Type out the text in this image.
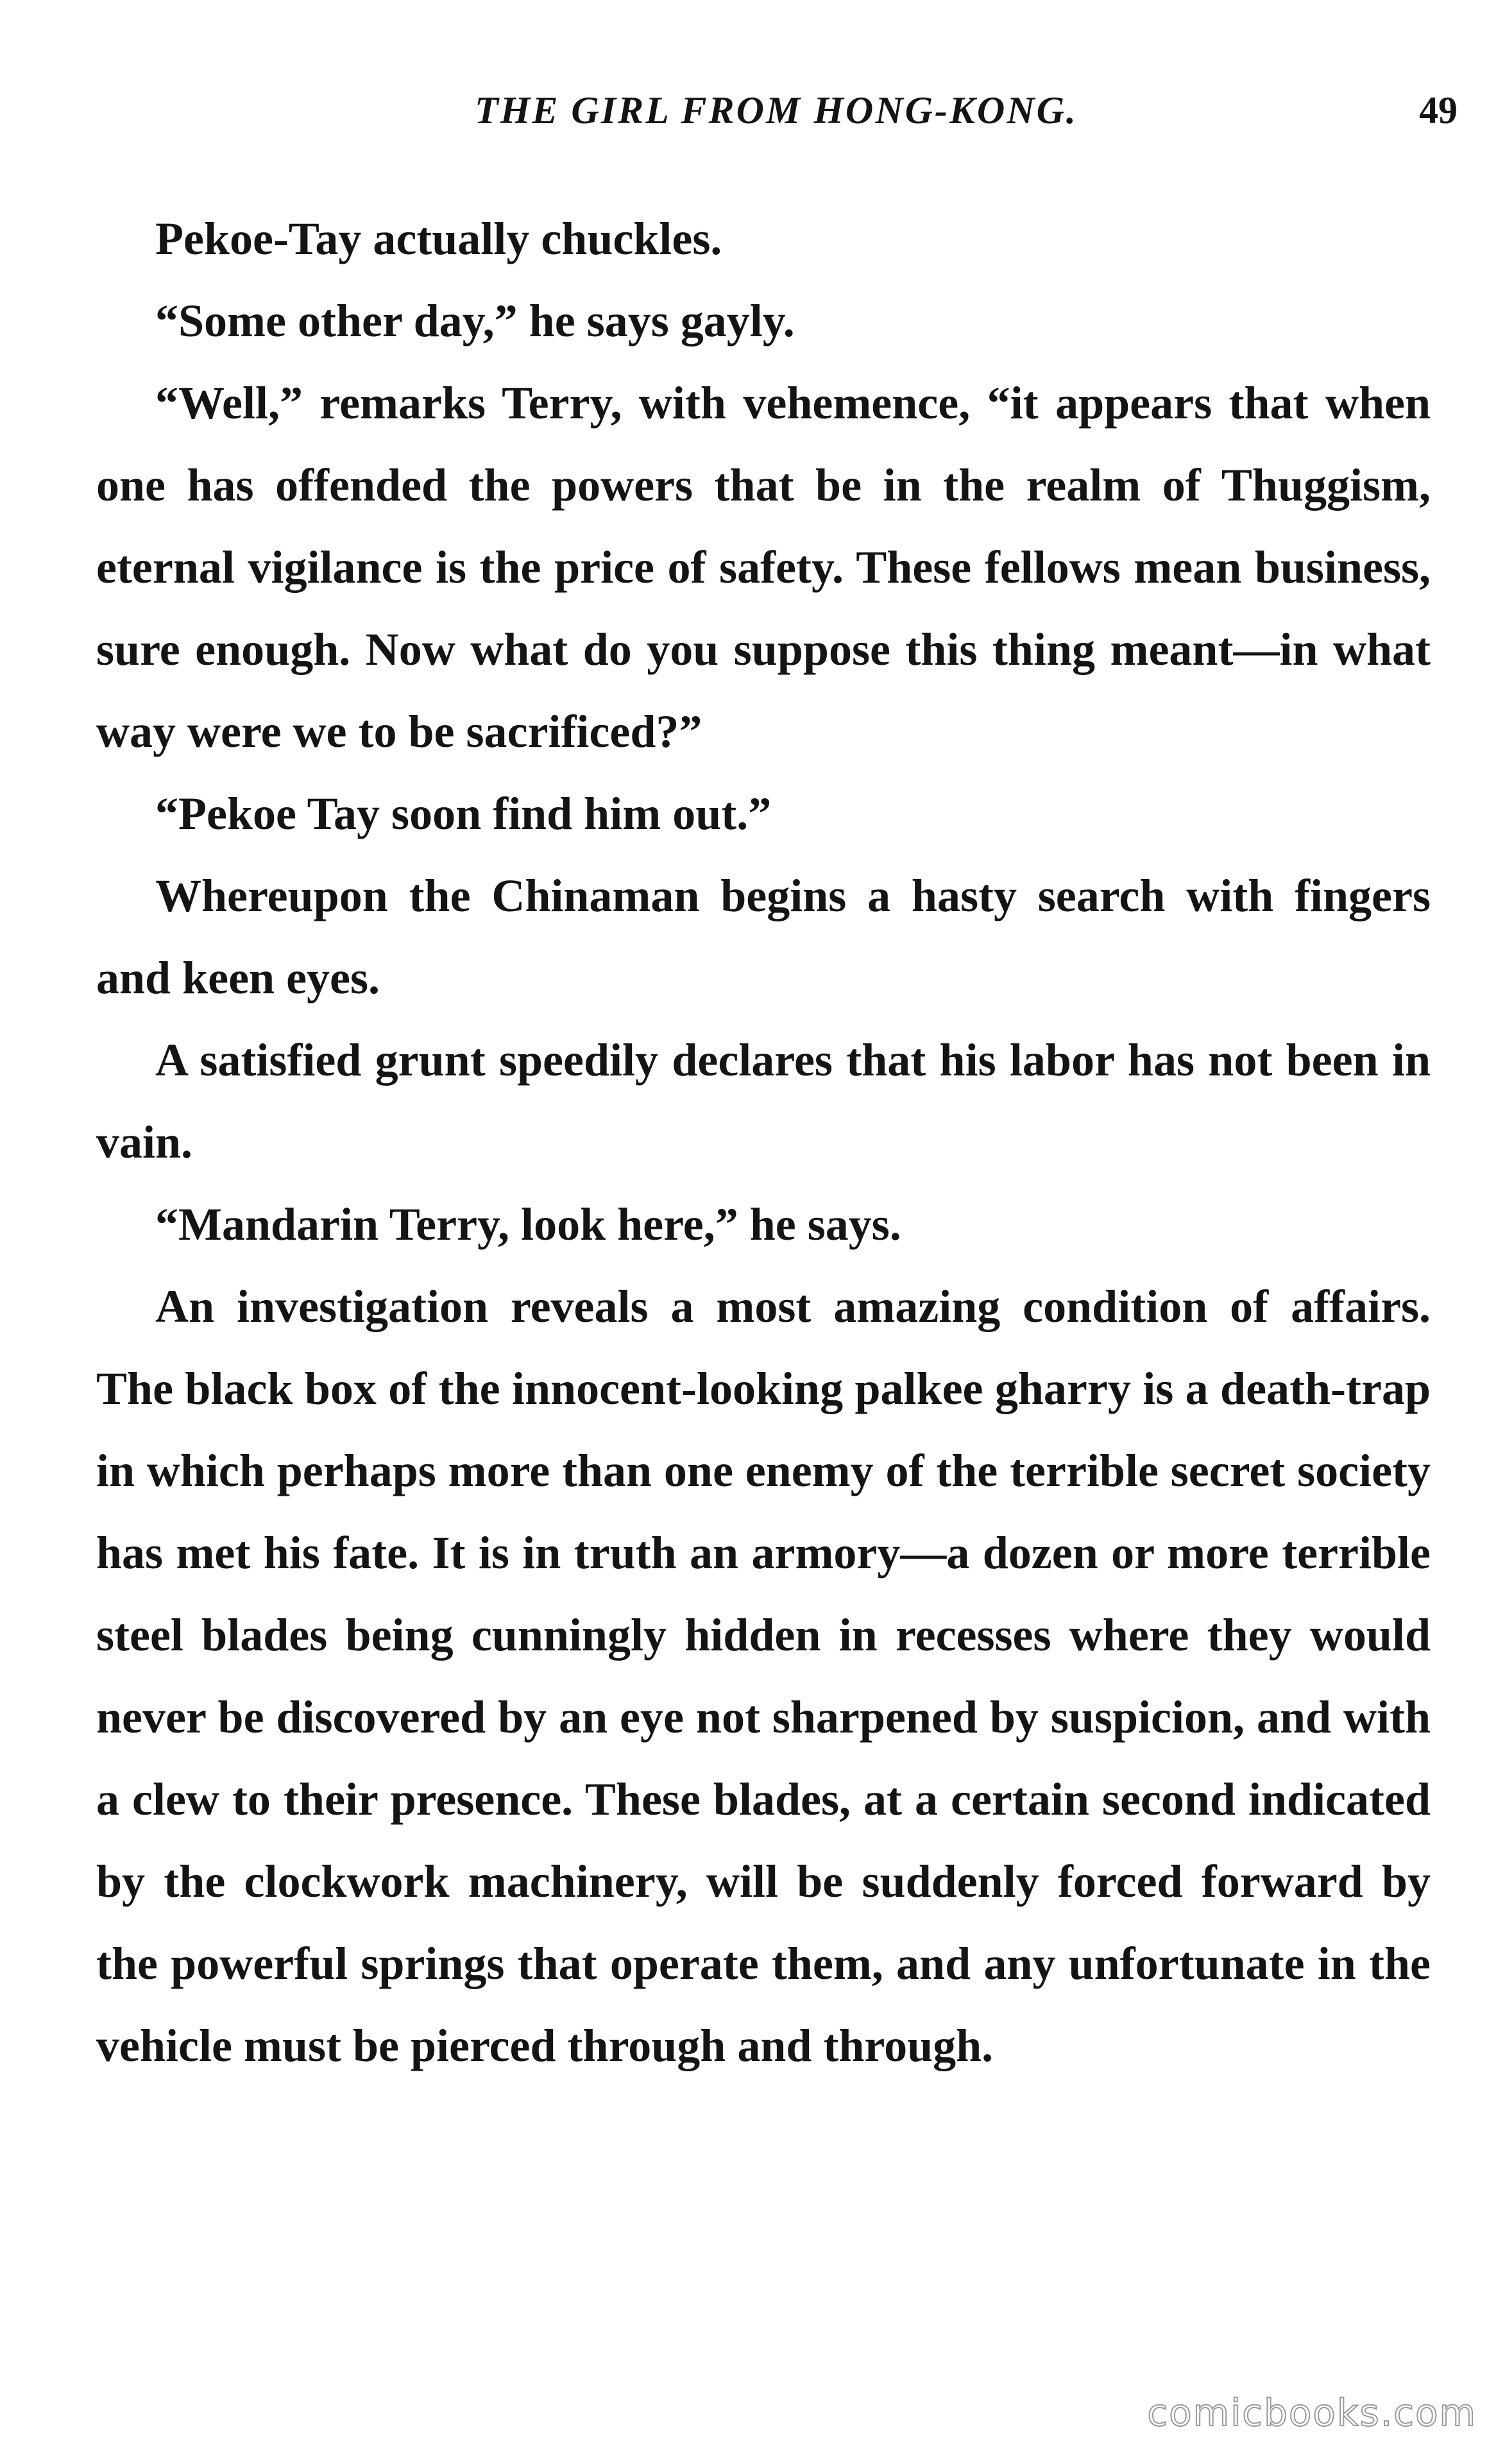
THE GIRL FROM HONG-KONG.	49

Pekoe-Tay actually chuckles.

“Some other day,” he says gayly.

“Well,” remarks Terry, with vehemence, “it appears that when one has offended the powers that be in the realm of Thuggism, eternal vigilance is the price of safety. These fellows mean business, sure enough. Now what do you suppose this thing meant—in what way were we to be sacrificed?”

“Pekoe Tay soon find him out.”

Whereupon the Chinaman begins a hasty search with fingers and keen eyes.

A satisfied grunt speedily declares that his labor has not been in vain.

“Mandarin Terry, look here,” he says.

An investigation reveals a most amazing condition of affairs. The black box of the innocent-looking palkee gharry is a death-trap in which perhaps more than one enemy of the terrible secret society has met his fate. It is in truth an armory—a dozen or more terrible steel blades being cunningly hidden in recesses where they would never be discovered by an eye not sharpened by suspicion, and with a clew to their presence. These blades, at a certain second indicated by the clockwork machinery, will be suddenly forced forward by the powerful springs that operate them, and any unfortunate in the vehicle must be pierced through and through.

comicbooks.com
